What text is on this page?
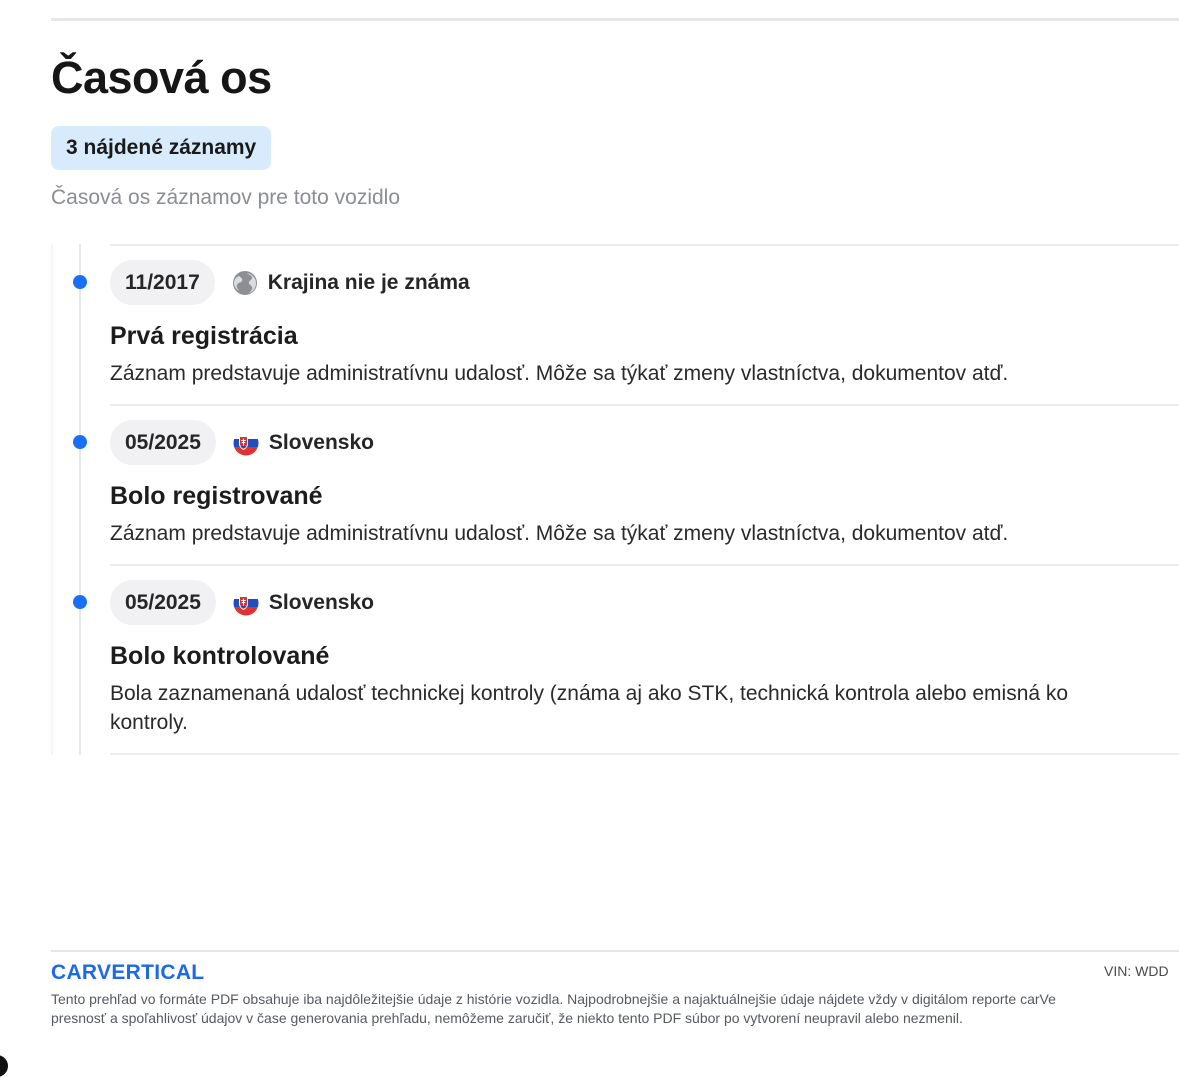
Časová os
3 nájdené záznamy
Časová os záznamov pre toto vozidlo
11/2017	Krajina nie je známa
Prvá registrácia

Záznam predstavuje administratívnu udalosť. Môže sa týkať zmeny vlastníctva, dokumentov atď.

05/2025	Slovensko
Bolo registrované

Záznam predstavuje administratívnu udalosť. Môže sa týkať zmeny vlastníctva, dokumentov atď.

05/2025	Slovensko
Bolo kontrolované

Bola zaznamenaná udalosť technickej kontroly (známa aj ako STK, technická kontrola alebo emisná ko
kontroly.

CARVERTICAL	VIN: WDD
Tento prehľad vo formáte PDF obsahuje iba najdôležitejšie údaje z histórie vozidla. Najpodrobnejšie a najaktuálnejšie údaje nájdete vždy v digitálom reporte carVe
presnosť a spoľahlivosť údajov v čase generovania prehľadu, nemôžeme zaručiť, že niekto tento PDF súbor po vytvorení neupravil alebo nezmenil.
